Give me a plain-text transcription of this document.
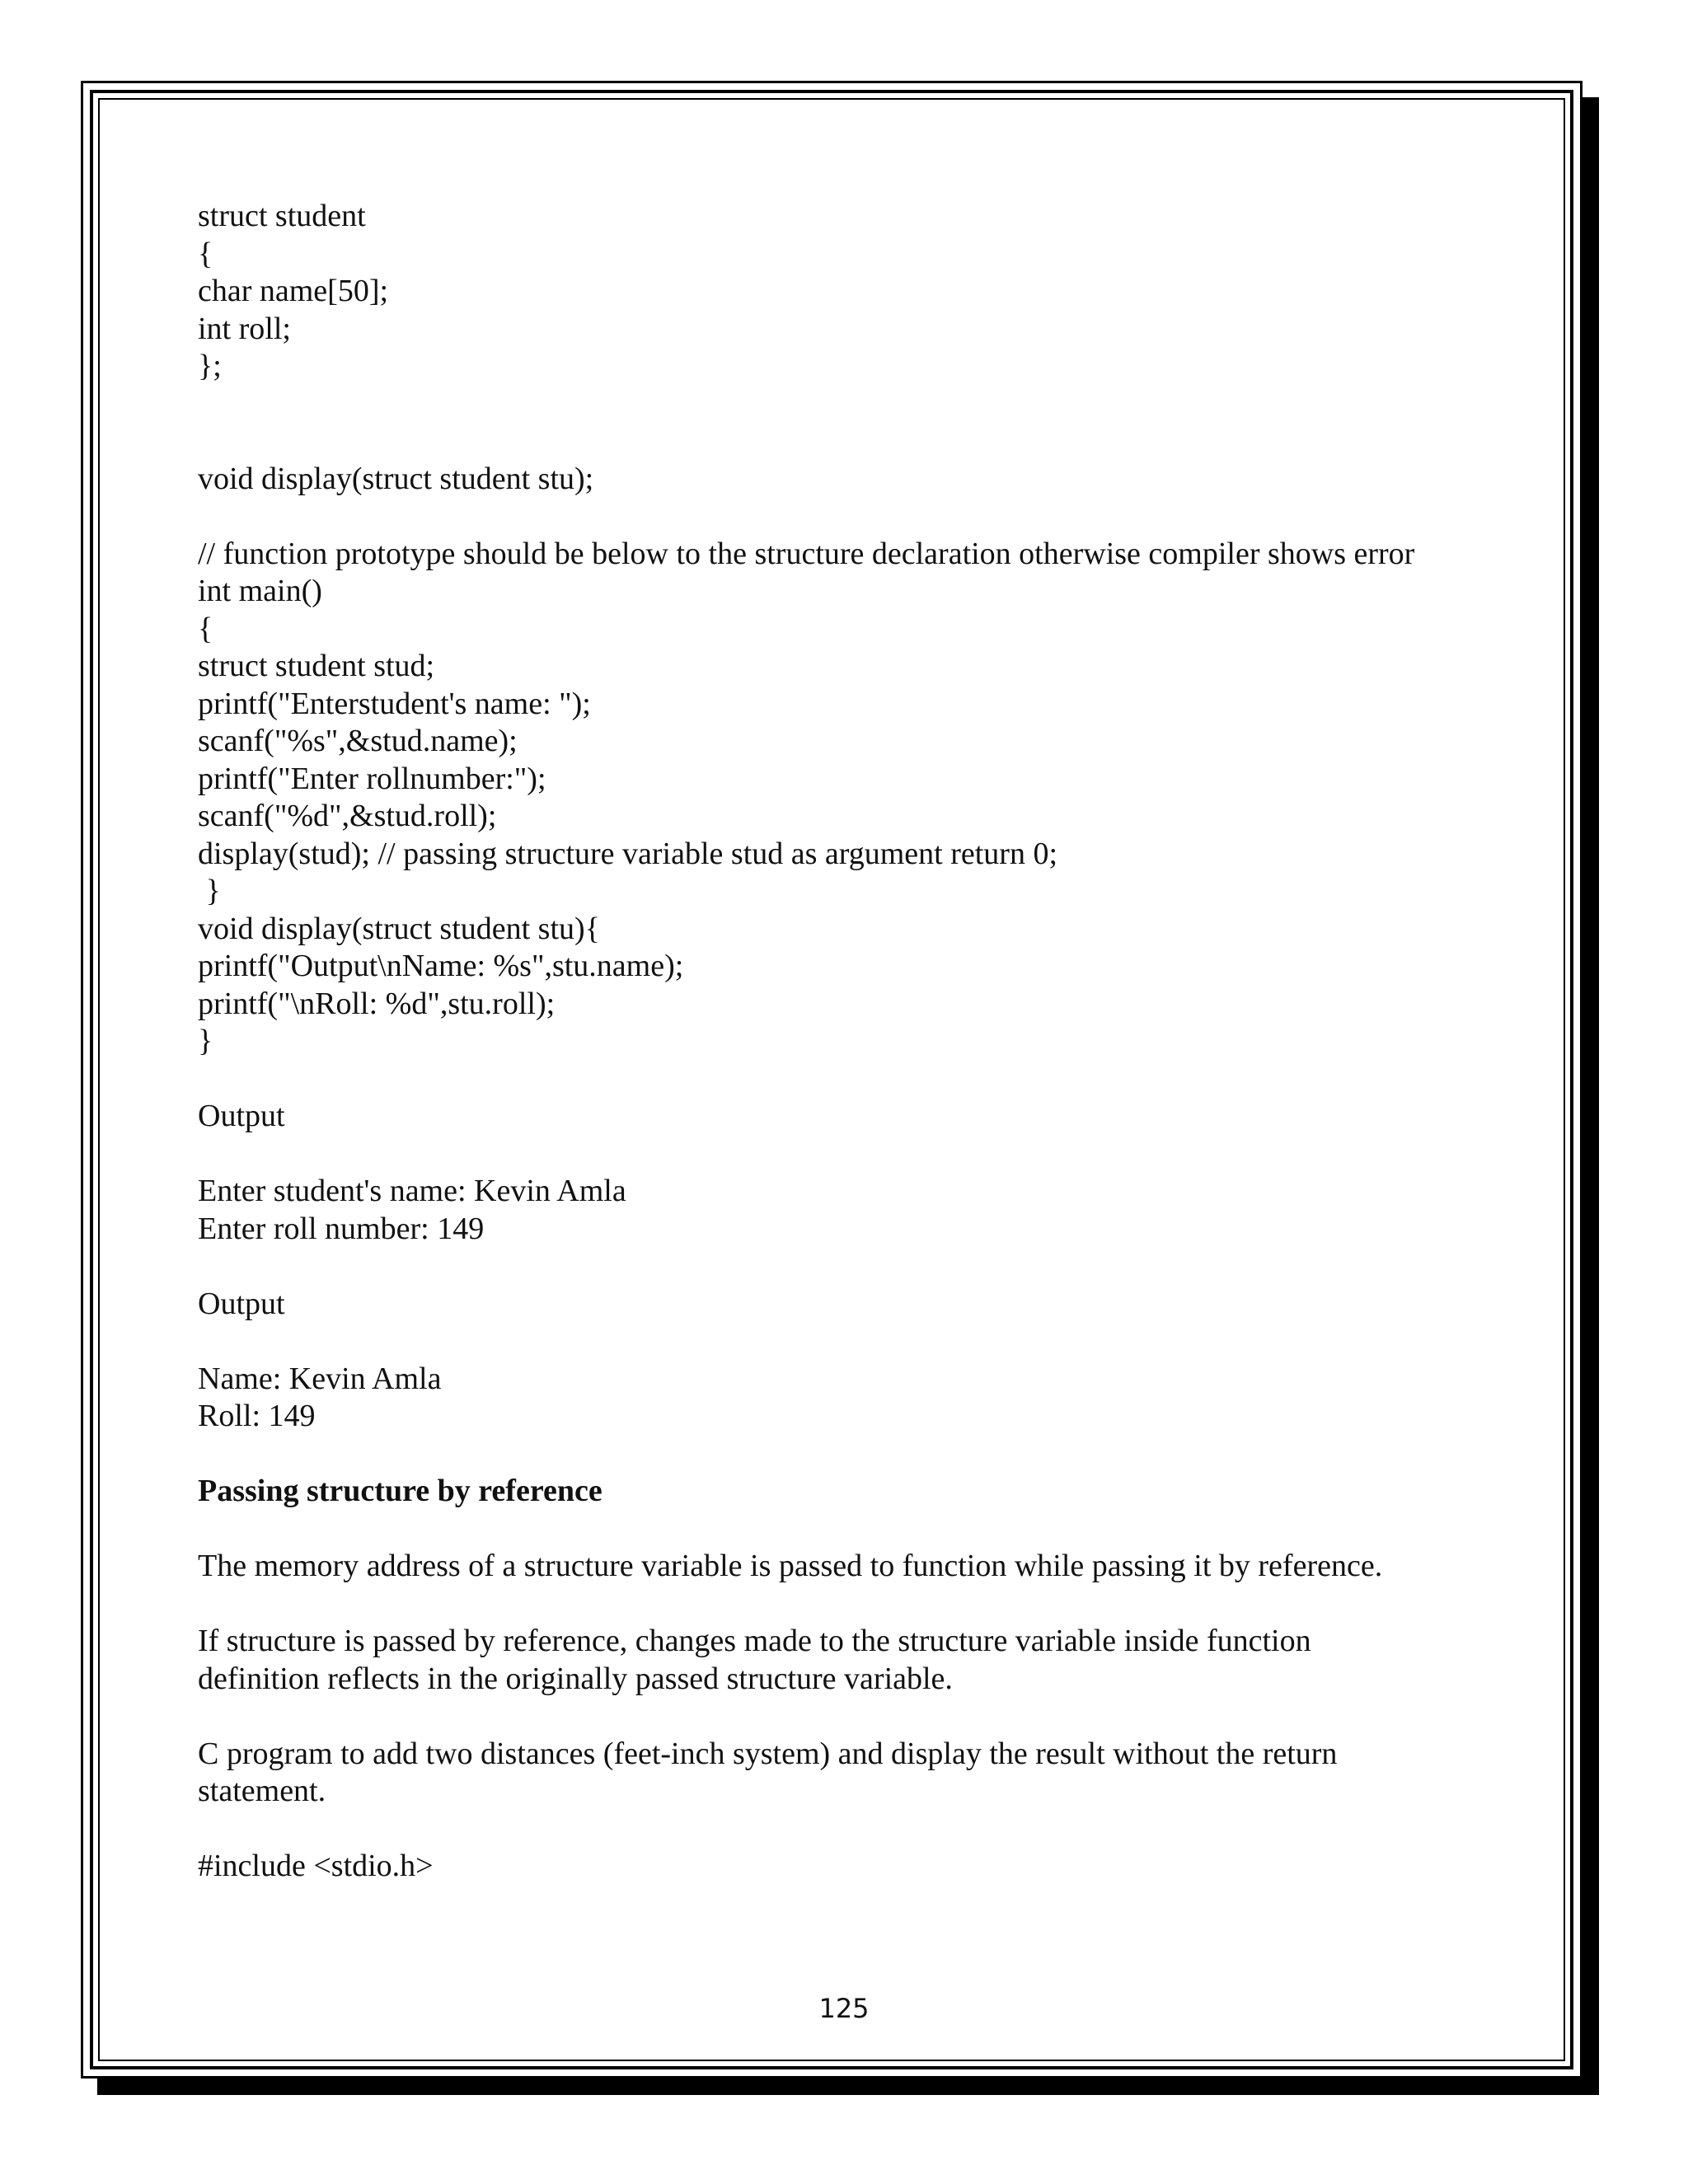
struct student

{

char name[50];

int roll;

};

void display(struct student stu);

// function prototype should be below to the structure declaration otherwise compiler shows error

int main()

{

struct student stud;

printf("Enterstudent's name: ");

scanf("%s",&stud.name);

printf("Enter rollnumber:");

scanf("%d",&stud.roll);

display(stud); // passing structure variable stud as argument return 0;

}

void display(struct student stu){

printf("Output\nName: %s",stu.name);

printf("\nRoll: %d",stu.roll);

}

Output

Enter student's name: Kevin Amla

Enter roll number: 149

Output

Name: Kevin Amla

Roll: 149

Passing structure by reference

The memory address of a structure variable is passed to function while passing it by reference.

If structure is passed by reference, changes made to the structure variable inside function

definition reflects in the originally passed structure variable.

C program to add two distances (feet-inch system) and display the result without the return

statement.

#include <stdio.h>

125
